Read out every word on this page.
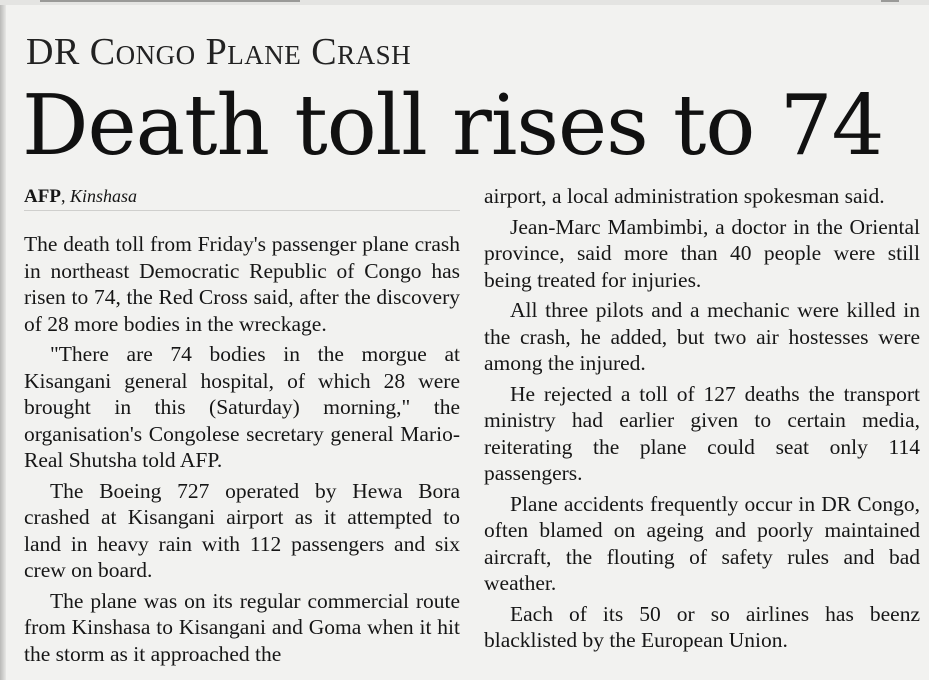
DR Congo Plane Crash
Death toll rises to 74
AFP, Kinshasa

The death toll from Friday's passenger plane crash in northeast Democratic Republic of Congo has risen to 74, the Red Cross said, after the discovery of 28 more bodies in the wreckage.

"There are 74 bodies in the morgue at Kisangani general hospital, of which 28 were brought in this (Saturday) morning," the organisation's Congolese secretary general Mario-Real Shutsha told AFP.

The Boeing 727 operated by Hewa Bora crashed at Kisangani airport as it attempted to land in heavy rain with 112 passengers and six crew on board.

The plane was on its regular commercial route from Kinshasa to Kisangani and Goma when it hit the storm as it approached the

airport, a local administration spokesman said.

Jean-Marc Mambimbi, a doctor in the Oriental province, said more than 40 people were still being treated for injuries.

All three pilots and a mechanic were killed in the crash, he added, but two air hostesses were among the injured.

He rejected a toll of 127 deaths the transport ministry had earlier given to certain media, reiterating the plane could seat only 114 passengers.

Plane accidents frequently occur in DR Congo, often blamed on ageing and poorly maintained aircraft, the flouting of safety rules and bad weather.

Each of its 50 or so airlines has beenz blacklisted by the European Union.
